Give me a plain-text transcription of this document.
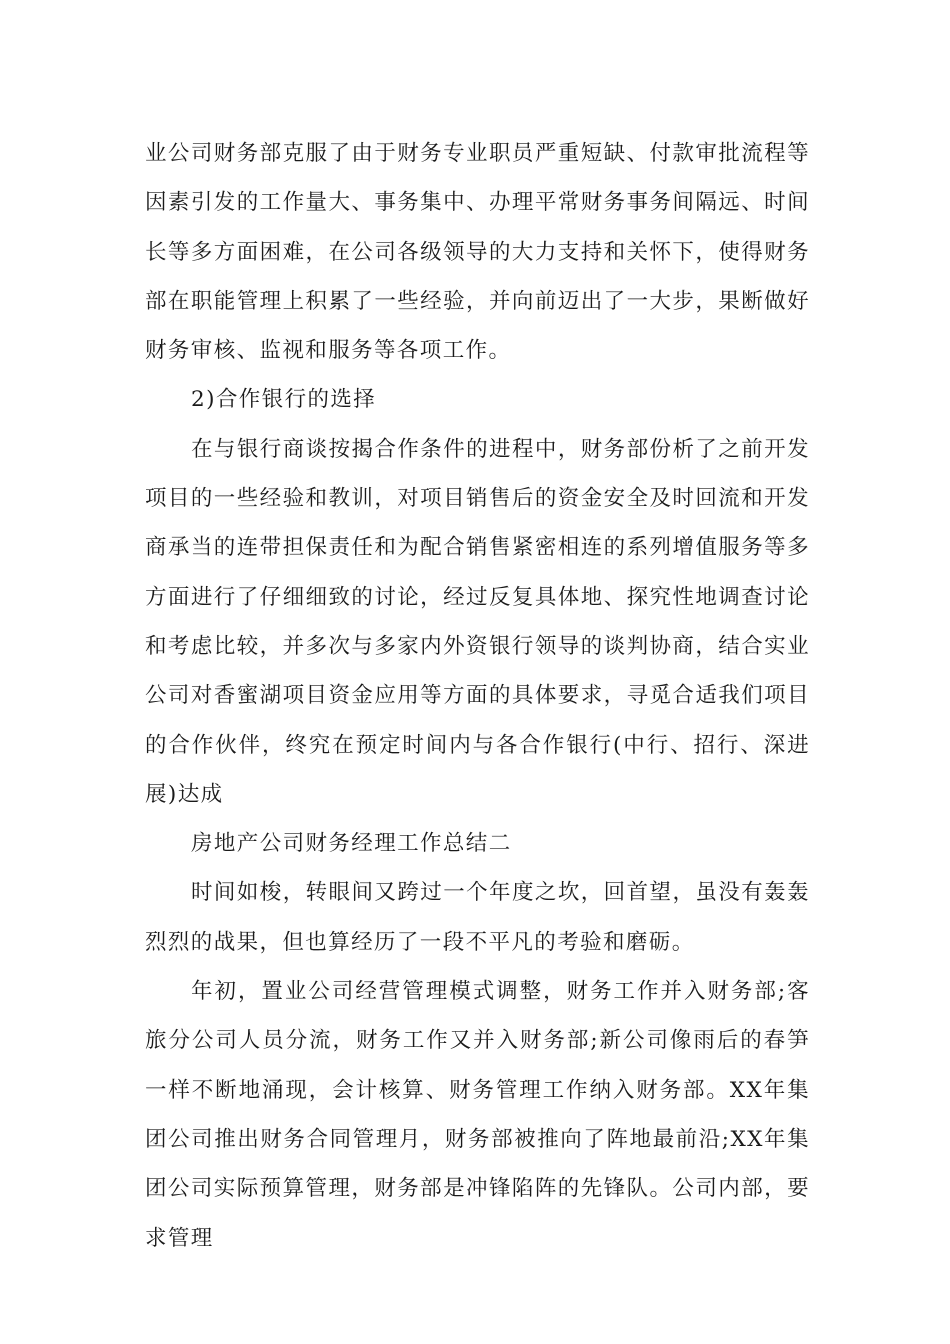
业公司财务部克服了由于财务专业职员严重短缺、付款审批流程等因素引发的工作量大、事务集中、办理平常财务事务间隔远、时间长等多方面困难，在公司各级领导的大力支持和关怀下，使得财务部在职能管理上积累了一些经验，并向前迈出了一大步，果断做好财务审核、监视和服务等各项工作。

2)合作银行的选择

在与银行商谈按揭合作条件的进程中，财务部份析了之前开发项目的一些经验和教训，对项目销售后的资金安全及时回流和开发商承当的连带担保责任和为配合销售紧密相连的系列增值服务等多方面进行了仔细细致的讨论，经过反复具体地、探究性地调查讨论和考虑比较，并多次与多家内外资银行领导的谈判协商，结合实业公司对香蜜湖项目资金应用等方面的具体要求，寻觅合适我们项目的合作伙伴，终究在预定时间内与各合作银行(中行、招行、深进展)达成

房地产公司财务经理工作总结二

时间如梭，转眼间又跨过一个年度之坎，回首望，虽没有轰轰烈烈的战果，但也算经历了一段不平凡的考验和磨砺。

年初，置业公司经营管理模式调整，财务工作并入财务部;客旅分公司人员分流，财务工作又并入财务部;新公司像雨后的春笋一样不断地涌现，会计核算、财务管理工作纳入财务部。XX年集团公司推出财务合同管理月，财务部被推向了阵地最前沿;XX年集团公司实际预算管理，财务部是冲锋陷阵的先锋队。公司内部，要求管理
